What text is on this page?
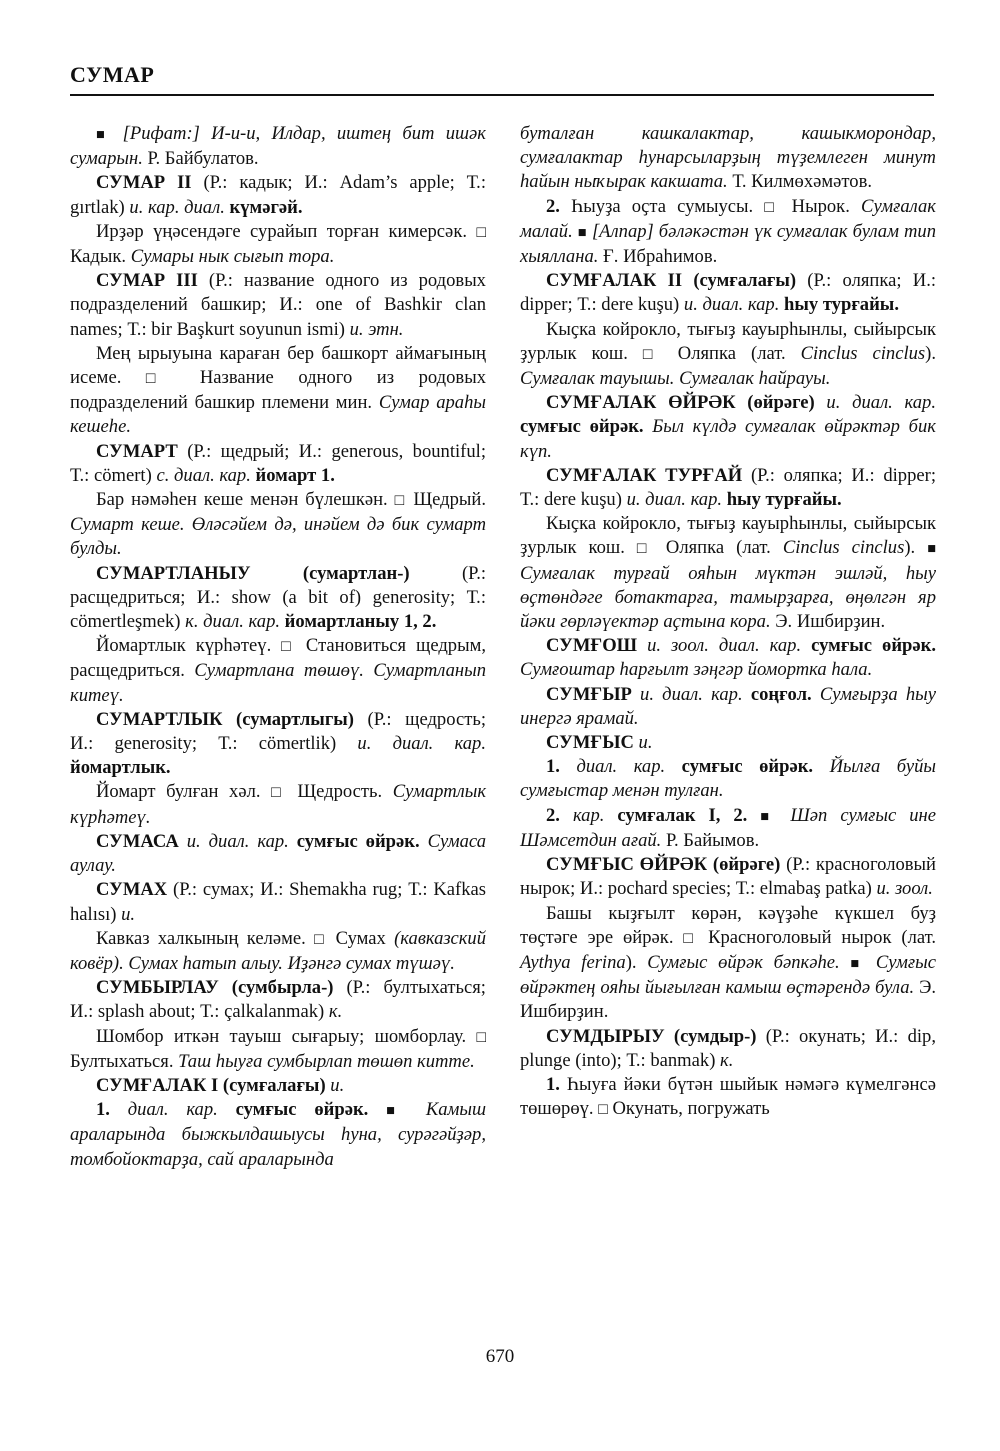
СУМАР

■ [Рифат:] И-и-и, Илдар, иштең бит ишәк сумарын. Р. Байбулатов.

СУМАР II (Р.: кадык; И.: Adam’s apple; Т.: gırtlak) и. кар. диал. күмәгәй.

Ирҙәр үңәсендәге сурайып торған кимерсәк. □ Кадык. Сумары нык сығып тора.

СУМАР III (Р.: название одного из родовых подразделений башкир; И.: one of Bashkir clan names; Т.: bir Başkurt soyunun ismi) и. этн.

Мең ырыуына караған бер башкорт аймағының исеме. □	Название одного из родовых подразделений башкир племени мин. Сумар араһы кешеһе.

СУМАРТ (Р.: щедрый; И.: generous, bountiful; Т.: cömert) с. диал. кар. йомарт 1.

Бар нәмәһен кеше менән бүлешкән. □ Щедрый. Сумарт кеше. Өләсәйем дә, инәйем дә бик сумарт булды.

СУМАРТЛАНЫУ (сумартлан-) (Р.: расщедриться; И.: show (a bit of) generosity; Т.: cömertleşmek) к. диал. кар. йомартланыу 1, 2.

Йомартлык күрһәтеү. □ Становиться щедрым, расщедриться. Сумартлана төшөү. Сумартланып китеү.

СУМАРТЛЫК (сумартлыгы) (Р.: щедрость; И.: generosity; Т.: cömertlik) и. диал. кар. йомартлык.

Йомарт булған хәл. □ Щедрость. Сумартлык күрһәтеү.

СУМАСА и. диал. кар. сумғыс өйрәк. Сумаса аулау.

СУМАХ (Р.: сумах; И.: Shemakha rug; Т.: Kafkas halısı) и.

Кавказ халкының келәме. □ Сумах (кавказский ковёр). Сумах һатып алыу. Иҙәнгә сумах түшәү.

СУМБЫРЛАУ (сумбырла-) (Р.: бултыхаться; И.: splash about; Т.: çalkalanmak) к.

Шомбор иткән тауыш сығарыу; шомборлау. □ Бултыхаться. Таш һыуға сумбырлап төшөп китте.

СУМҒАЛАК I (сумғалағы) и.

1. диал. кар. сумғыс өйрәк. ■ Камыш араларында быжкылдашыусы һуна, сурәгәйҙәр, томбойоктарҙа, сай араларында

буталған кашкалактар, кашыкморондар, сумғалактар һунарсыларҙың түҙемлеген минут һайын ныҡырак какшата. Т. Килмөхәмәтов.

2. Һыуҙа оҫта сумыусы. □ Нырок. Сумғалак малай. ■ [Алпар] бәләкәстән үк сумғалак булам тип хыяллана. Ғ. Ибраһимов.

СУМҒАЛАК II (сумғалағы) (Р.: оляпка; И.: dipper; Т.: dere kuşu) и. диал. кар. һыу турғайы.

Кыҫка койроклo, тығыҙ кауырһынлы, сыйырсык ҙурлык кош. □ Оляпка (лат. Cinclus cinclus). Сумғалак тауышы. Сумғалак һайрауы.

СУМҒАЛАК ӨЙРӘК (өйрәге) и. диал. кар. сумғыс өйрәк. Был күлдә сумғалак өйрәктәр бик күп.

СУМҒАЛАК ТУРҒАЙ (Р.: оляпка; И.: dipper; Т.: dere kuşu) и. диал. кар. һыу турғайы.

Кыҫка койроклo, тығыҙ кауырһынлы, сыйырсык ҙурлык кош. □ Оляпка (лат. Cinclus cinclus). ■ Сумғалак турғай ояһын мүктән эшләй, һыу өҫтөндәге ботактарға, тамырҙарға, өңөлгән яр йәки гөрләүектәр аҫтына кора. Э. Ишбирҙин.

СУМҒОШ и. зоол. диал. кар. сумғыс өйрәк. Сумғоштар һарғылт зәңгәр йомортка һала.

СУМҒЫР и. диал. кар. соңғол. Сумғырҙа һыу инергә ярамай.

СУМҒЫС и.

1. диал. кар. сумғыс өйрәк. Йылға буйы сумғыстар менән тулған.

2. кар. сумғалак I, 2. ■ Шәп сумғыс ине Шәмсетдин ағай. Р. Байымов.

СУМҒЫС ӨЙРӘК (өйрәге) (Р.: красноголовый нырок; И.: pochard species; Т.: elmabaş patka) и. зоол.

Башы кыҙғылт көрән, кәүҙәһе күкшел буҙ төҫтәге эре өйрәк. □ Красноголовый нырок (лат. Aythya ferina). Сумғыс өйрәк бәпкәһе. ■ Сумғыс өйрәктең ояһы йығылған камыш өҫтәрендә була. Э. Ишбирҙин.

СУМДЫРЫУ (сумдыр-) (Р.: окунать; И.: dip, plunge (into); Т.: banmak) к.

1. Һыуға йәки бүтән шыйык нәмәгә күмелгәнсә төшөрөү. □ Окунать, погружать

670
